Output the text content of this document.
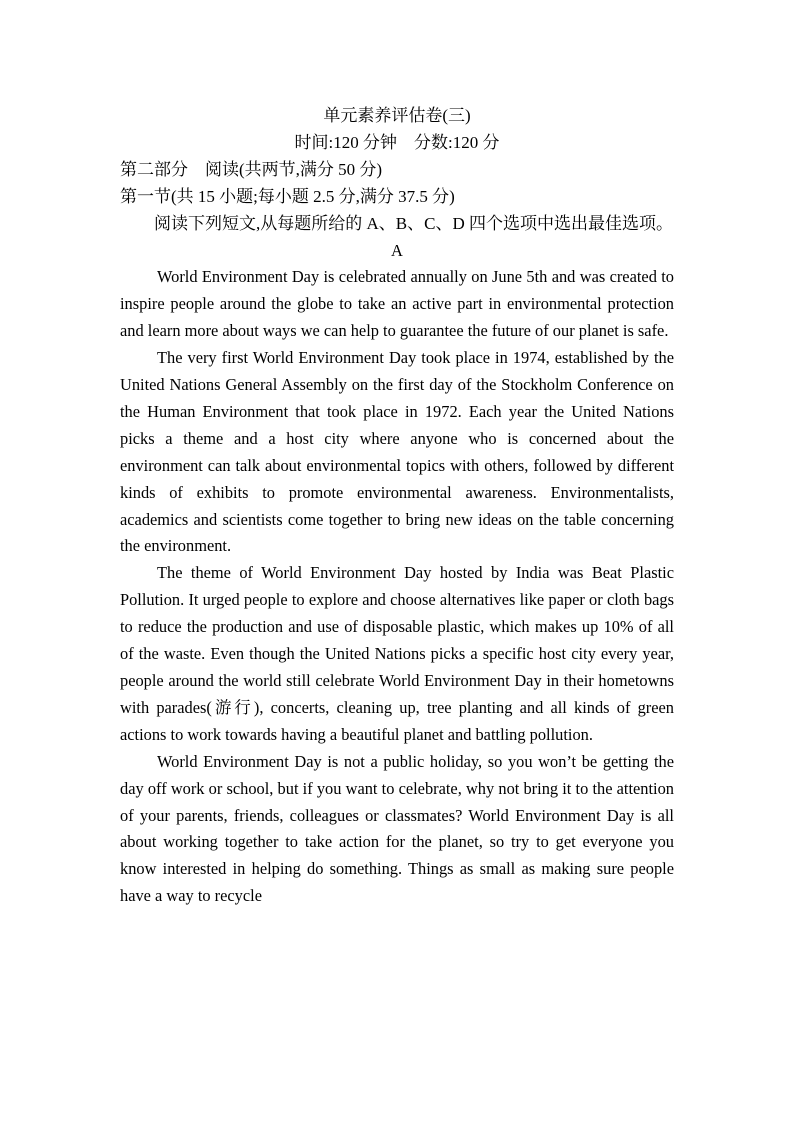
单元素养评估卷(三)

时间:120 分钟　分数:120 分

第二部分　阅读(共两节,满分 50 分)

第一节(共 15 小题;每小题 2.5 分,满分 37.5 分)

阅读下列短文,从每题所给的 A、B、C、D 四个选项中选出最佳选项。

A

World Environment Day is celebrated annually on June 5th and was created to inspire people around the globe to take an active part in environmental protection and learn more about ways we can help to guarantee the future of our planet is safe.

The very first World Environment Day took place in 1974, established by the United Nations General Assembly on the first day of the Stockholm Conference on the Human Environment that took place in 1972. Each year the United Nations picks a theme and a host city where anyone who is concerned about the environment can talk about environmental topics with others, followed by different kinds of exhibits to promote environmental awareness. Environmentalists, academics and scientists come together to bring new ideas on the table concerning the environment.

The theme of World Environment Day hosted by India was Beat Plastic Pollution. It urged people to explore and choose alternatives like paper or cloth bags to reduce the production and use of disposable plastic, which makes up 10% of all of the waste. Even though the United Nations picks a specific host city every year, people around the world still celebrate World Environment Day in their hometowns with parades(游行), concerts, cleaning up, tree planting and all kinds of green actions to work towards having a beautiful planet and battling pollution.

World Environment Day is not a public holiday, so you won’t be getting the day off work or school, but if you want to celebrate, why not bring it to the attention of your parents, friends, colleagues or classmates? World Environment Day is all about working together to take action for the planet, so try to get everyone you know interested in helping do something. Things as small as making sure people have a way to recycle
